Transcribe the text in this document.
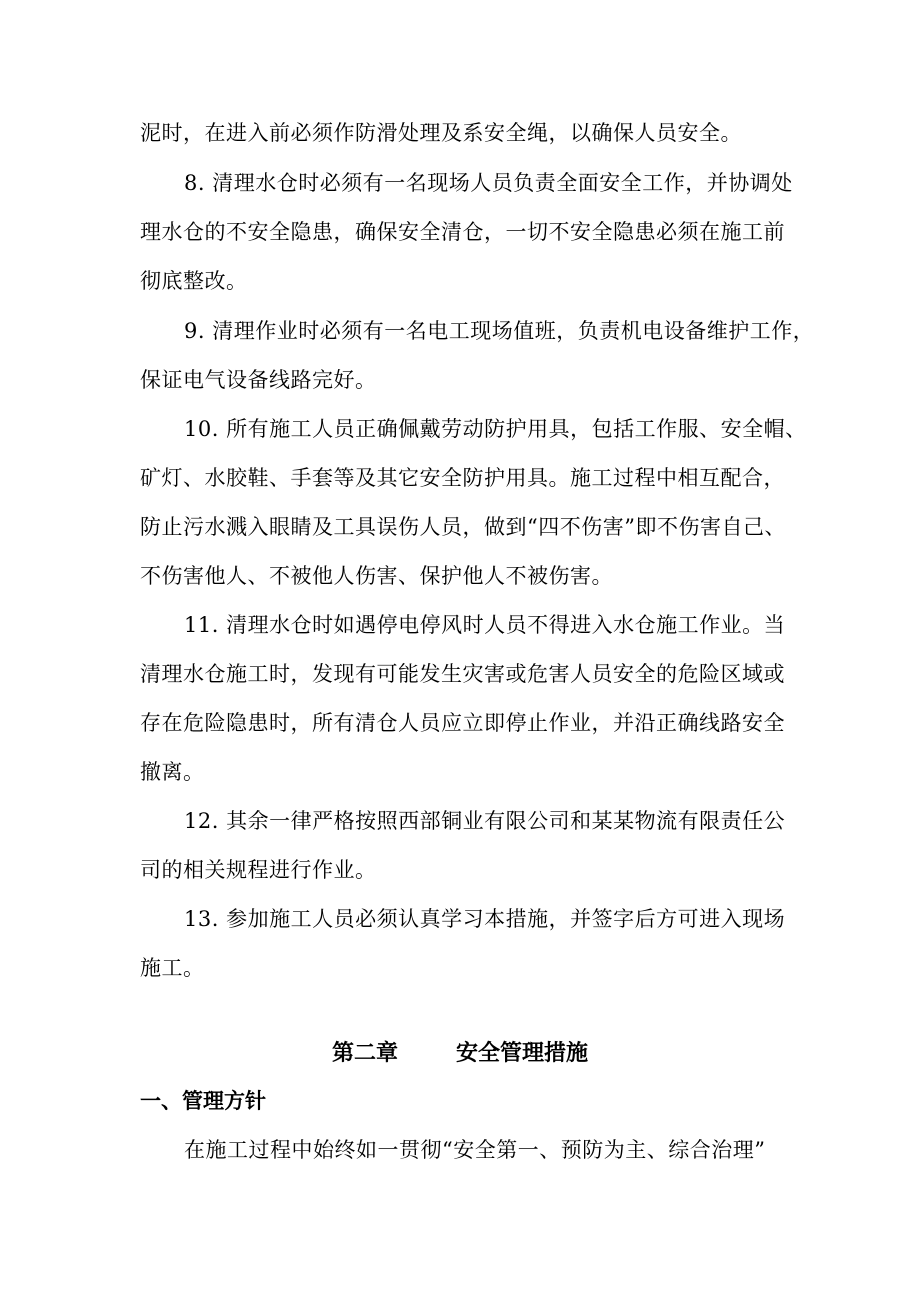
泥时，在进入前必须作防滑处理及系安全绳，以确保人员安全。
8. 清理水仓时必须有一名现场人员负责全面安全工作，并协调处
理水仓的不安全隐患，确保安全清仓，一切不安全隐患必须在施工前
彻底整改。
9. 清理作业时必须有一名电工现场值班，负责机电设备维护工作，
保证电气设备线路完好。
10. 所有施工人员正确佩戴劳动防护用具，包括工作服、安全帽、
矿灯、水胶鞋、手套等及其它安全防护用具。施工过程中相互配合，
防止污水溅入眼睛及工具误伤人员，做到“四不伤害”即不伤害自己、
不伤害他人、不被他人伤害、保护他人不被伤害。
11. 清理水仓时如遇停电停风时人员不得进入水仓施工作业。当
清理水仓施工时，发现有可能发生灾害或危害人员安全的危险区域或
存在危险隐患时，所有清仓人员应立即停止作业，并沿正确线路安全
撤离。
12. 其余一律严格按照西部铜业有限公司和某某物流有限责任公
司的相关规程进行作业。
13. 参加施工人员必须认真学习本措施，并签字后方可进入现场
施工。
第二章	安全管理措施
一、管理方针
在施工过程中始终如一贯彻“安全第一、预防为主、综合治理”
